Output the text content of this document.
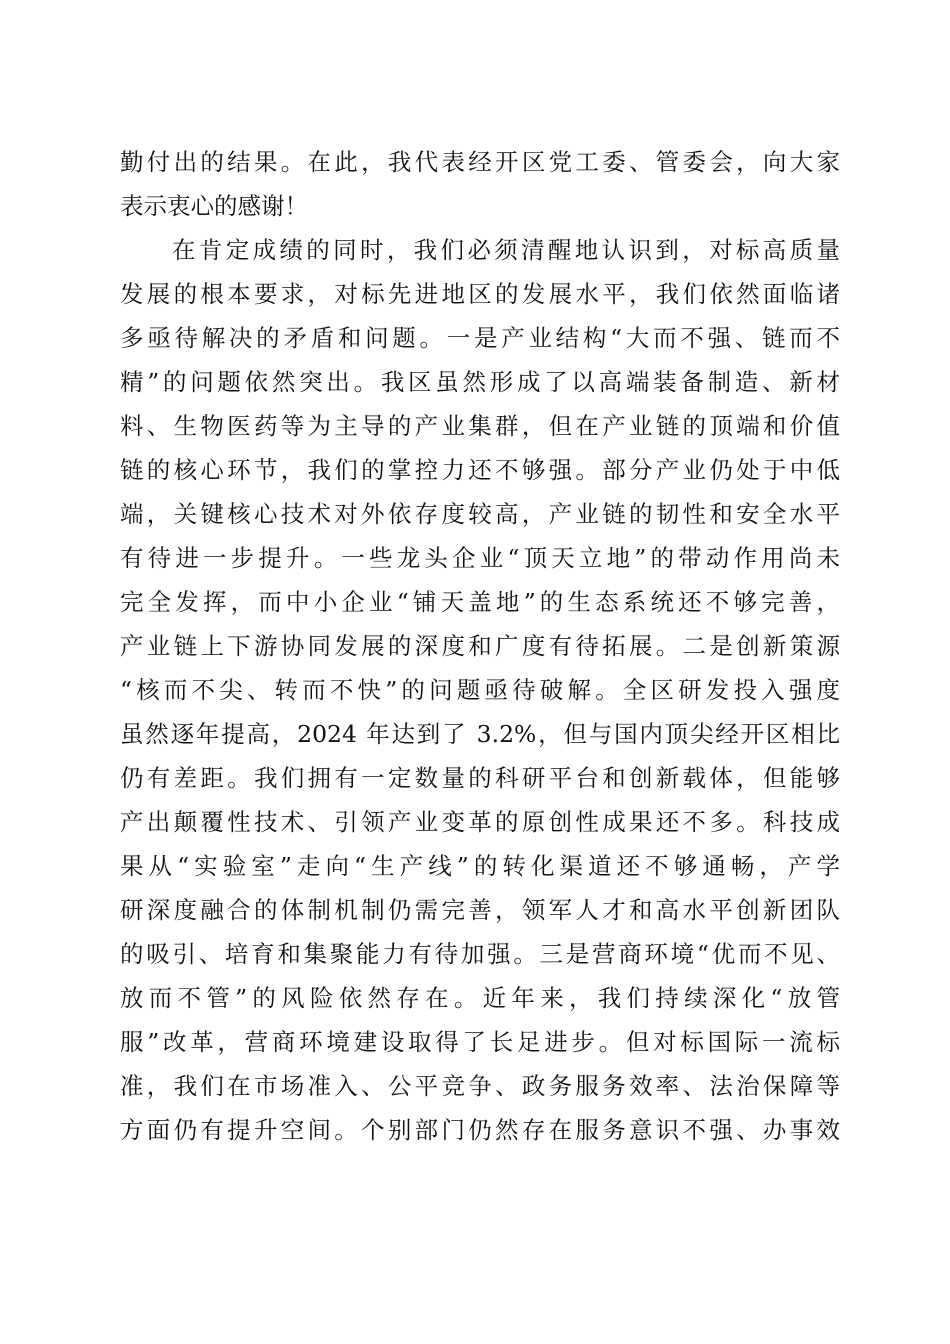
勤付出的结果。在此，我代表经开区党工委、管委会，向大家
表示衷心的感谢！
在肯定成绩的同时，我们必须清醒地认识到，对标高质量
发展的根本要求，对标先进地区的发展水平，我们依然面临诸
多亟待解决的矛盾和问题。一是产业结构“大而不强、链而不
精”的问题依然突出。我区虽然形成了以高端装备制造、新材
料、生物医药等为主导的产业集群，但在产业链的顶端和价值
链的核心环节，我们的掌控力还不够强。部分产业仍处于中低
端，关键核心技术对外依存度较高，产业链的韧性和安全水平
有待进一步提升。一些龙头企业“顶天立地”的带动作用尚未
完全发挥，而中小企业“铺天盖地”的生态系统还不够完善，
产业链上下游协同发展的深度和广度有待拓展。二是创新策源
“核而不尖、转而不快”的问题亟待破解。全区研发投入强度
虽然逐年提高，2024 年达到了 3.2%，但与国内顶尖经开区相比
仍有差距。我们拥有一定数量的科研平台和创新载体，但能够
产出颠覆性技术、引领产业变革的原创性成果还不多。科技成
果从“实验室”走向“生产线”的转化渠道还不够通畅，产学
研深度融合的体制机制仍需完善，领军人才和高水平创新团队
的吸引、培育和集聚能力有待加强。三是营商环境“优而不见、
放而不管”的风险依然存在。近年来，我们持续深化“放管
服”改革，营商环境建设取得了长足进步。但对标国际一流标
准，我们在市场准入、公平竞争、政务服务效率、法治保障等
方面仍有提升空间。个别部门仍然存在服务意识不强、办事效
